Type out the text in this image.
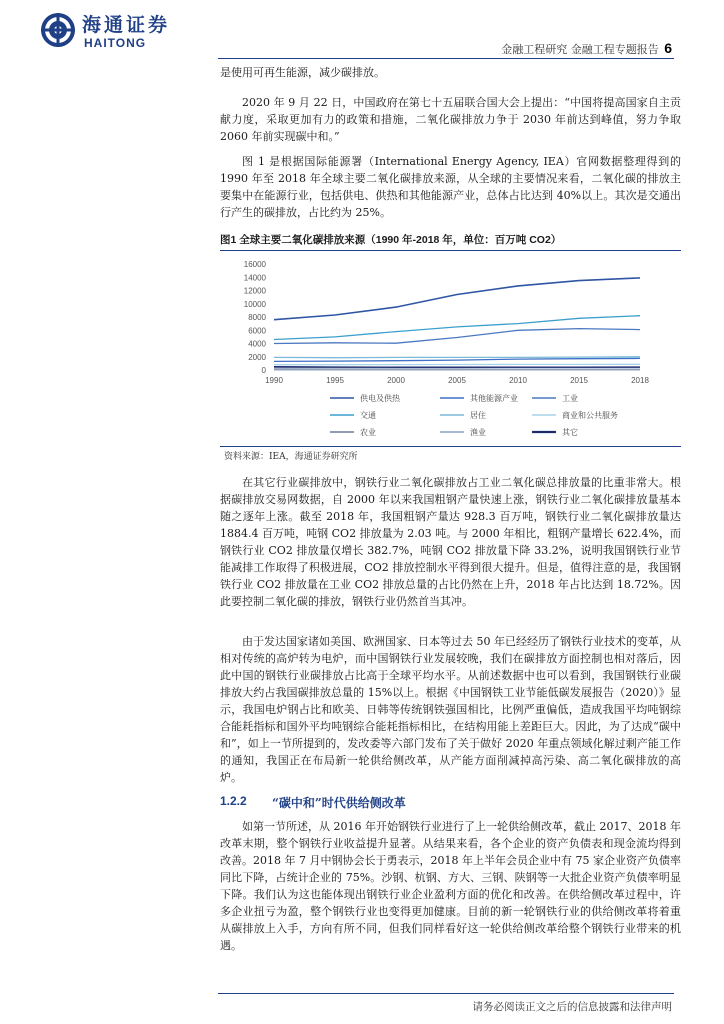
海通证券
HAITONG	金融工程研究 金融工程专题报告 6

是使用可再生能源，减少碳排放。

2020 年 9 月 22 日，中国政府在第七十五届联合国大会上提出：“中国将提高国家自主贡献力度，采取更加有力的政策和措施，二氧化碳排放力争于 2030 年前达到峰值，努力争取 2060 年前实现碳中和。”

图 1 是根据国际能源署（International Energy Agency, IEA）官网数据整理得到的 1990 年至 2018 年全球主要二氧化碳排放来源，从全球的主要情况来看，二氧化碳的排放主要集中在能源行业，包括供电、供热和其他能源产业，总体占比达到 40%以上。其次是交通出行产生的碳排放，占比约为 25%。

图1 全球主要二氧化碳排放来源（1990 年-2018 年，单位：百万吨 CO2）
0
2000
4000
6000
8000
10000
12000
14000
16000
1990	1995	2000	2005	2010	2015	2018
供电及供热	其他能源产业	工业
交通	居住	商业和公共服务
农业	渔业	其它
资料来源：IEA，海通证券研究所

在其它行业碳排放中，钢铁行业二氧化碳排放占工业二氧化碳总排放量的比重非常大。根据碳排放交易网数据，自 2000 年以来我国粗钢产量快速上涨，钢铁行业二氧化碳排放量基本随之逐年上涨。截至 2018 年，我国粗钢产量达 928.3 百万吨，钢铁行业二氧化碳排放量达 1884.4 百万吨，吨钢 CO2 排放量为 2.03 吨。与 2000 年相比，粗钢产量增长 622.4%，而钢铁行业 CO2 排放量仅增长 382.7%，吨钢 CO2 排放量下降 33.2%，说明我国钢铁行业节能减排工作取得了积极进展，CO2 排放控制水平得到很大提升。但是，值得注意的是，我国钢铁行业 CO2 排放量在工业 CO2 排放总量的占比仍然在上升，2018 年占比达到 18.72%。因此要控制二氧化碳的排放，钢铁行业仍然首当其冲。

由于发达国家诸如美国、欧洲国家、日本等过去 50 年已经经历了钢铁行业技术的变革，从相对传统的高炉转为电炉，而中国钢铁行业发展较晚，我们在碳排放方面控制也相对落后，因此中国的钢铁行业碳排放占比高于全球平均水平。从前述数据中也可以看到，我国钢铁行业碳排放大约占我国碳排放总量的 15%以上。根据《中国钢铁工业节能低碳发展报告（2020）》显示，我国电炉钢占比和欧美、日韩等传统钢铁强国相比，比例严重偏低，造成我国平均吨钢综合能耗指标和国外平均吨钢综合能耗指标相比，在结构用能上差距巨大。因此，为了达成“碳中和”，如上一节所提到的，发改委等六部门发布了关于做好 2020 年重点领域化解过剩产能工作的通知，我国正在布局新一轮供给侧改革，从产能方面削减掉高污染、高二氧化碳排放的高炉。

1.2.2 “碳中和”时代供给侧改革

如第一节所述，从 2016 年开始钢铁行业进行了上一轮供给侧改革，截止 2017、2018 年改革末期，整个钢铁行业收益提升显著。从结果来看，各个企业的资产负债表和现金流均得到改善。2018 年 7 月中钢协会长于勇表示，2018 年上半年会员企业中有 75 家企业资产负债率同比下降，占统计企业的 75%。沙钢、杭钢、方大、三钢、陕钢等一大批企业资产负债率明显下降。我们认为这也能体现出钢铁行业企业盈利方面的优化和改善。在供给侧改革过程中，许多企业扭亏为盈，整个钢铁行业也变得更加健康。目前的新一轮钢铁行业的供给侧改革将着重从碳排放上入手，方向有所不同，但我们同样看好这一轮供给侧改革给整个钢铁行业带来的机遇。

请务必阅读正文之后的信息披露和法律声明
